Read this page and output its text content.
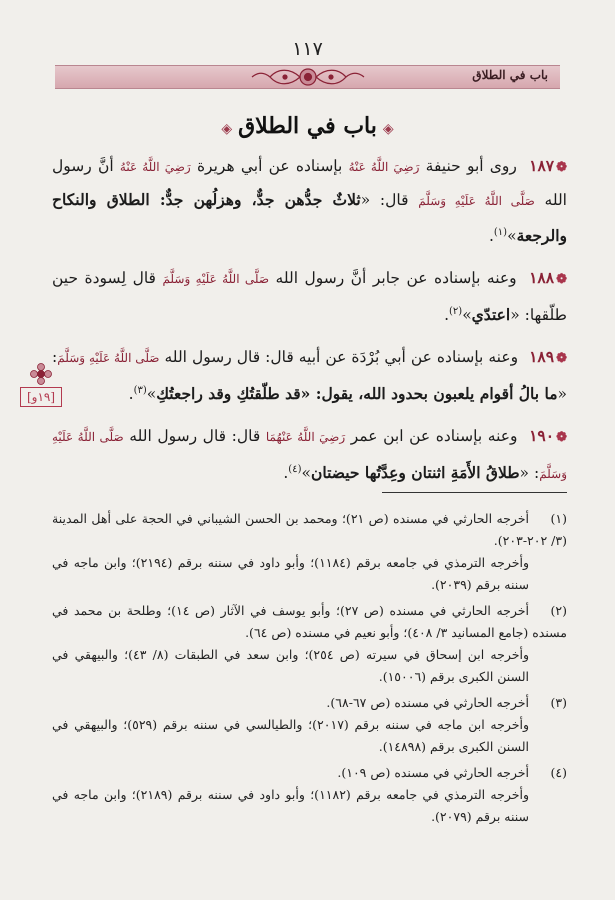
١١٧
باب في الطلاق
◈باب في الطلاق◈

❁١٨٧ روى أبو حنيفة رَضِيَ اللَّهُ عَنْهُ بإسناده عن أبي هريرة رَضِيَ اللَّهُ عَنْهُ أنَّ رسول الله صَلَّى اللَّهُ عَلَيْهِ وَسَلَّمَ قال: «ثلاثٌ جدُّهن جدٌّ، وهزلُهن جدٌّ: الطلاق والنكاح والرجعة»$^{(١)}$.

❁١٨٨ وعنه بإسناده عن جابر أنَّ رسول الله صَلَّى اللَّهُ عَلَيْهِ وَسَلَّمَ قال لِسودة حين طلّقها: «اعتدّي»$^{(٢)}$.

❁١٨٩ وعنه بإسناده عن أبي بُرْدَة عن أبيه قال: قال رسول الله صَلَّى اللَّهُ عَلَيْهِ وَسَلَّمَ: «ما بالُ أقوام يلعبون بحدود الله، يقول: «قد طلّقتُكِ وقد راجعتُكِ»$^{(٣)}$.

❁١٩٠ وعنه بإسناده عن ابن عمر رَضِيَ اللَّهُ عَنْهُمَا قال: قال رسول الله صَلَّى اللَّهُ عَلَيْهِ وَسَلَّمَ: «طلاقُ الأَمَةِ اثنتان وعِدَّتُها حيضتان»$^{(٤)}$.

[١٩و]
(١)أخرجه الحارثي في مسنده (ص ٢١)؛ ومحمد بن الحسن الشيباني في الحجة على أهل المدينة (٣/ ٢٠٢-٢٠٣).
وأخرجه الترمذي في جامعه برقم (١١٨٤)؛ وأبو داود في سننه برقم (٢١٩٤)؛ وابن ماجه في سننه برقم (٢٠٣٩).
(٢)أخرجه الحارثي في مسنده (ص ٢٧)؛ وأبو يوسف في الآثار (ص ١٤)؛ وطلحة بن محمد في مسنده (جامع المسانيد ٣/ ٤٠٨)؛ وأبو نعيم في مسنده (ص ٦٤).
وأخرجه ابن إسحاق في سيرته (ص ٢٥٤)؛ وابن سعد في الطبقات (٨/ ٤٣)؛ والبيهقي في السنن الكبرى برقم (١٥٠٠٦).
(٣)أخرجه الحارثي في مسنده (ص ٦٧-٦٨).
وأخرجه ابن ماجه في سننه برقم (٢٠١٧)؛ والطيالسي في سننه برقم (٥٢٩)؛ والبيهقي في السنن الكبرى برقم (١٤٨٩٨).
(٤)أخرجه الحارثي في مسنده (ص ١٠٩).
وأخرجه الترمذي في جامعه برقم (١١٨٢)؛ وأبو داود في سننه برقم (٢١٨٩)؛ وابن ماجه في سننه برقم (٢٠٧٩).
